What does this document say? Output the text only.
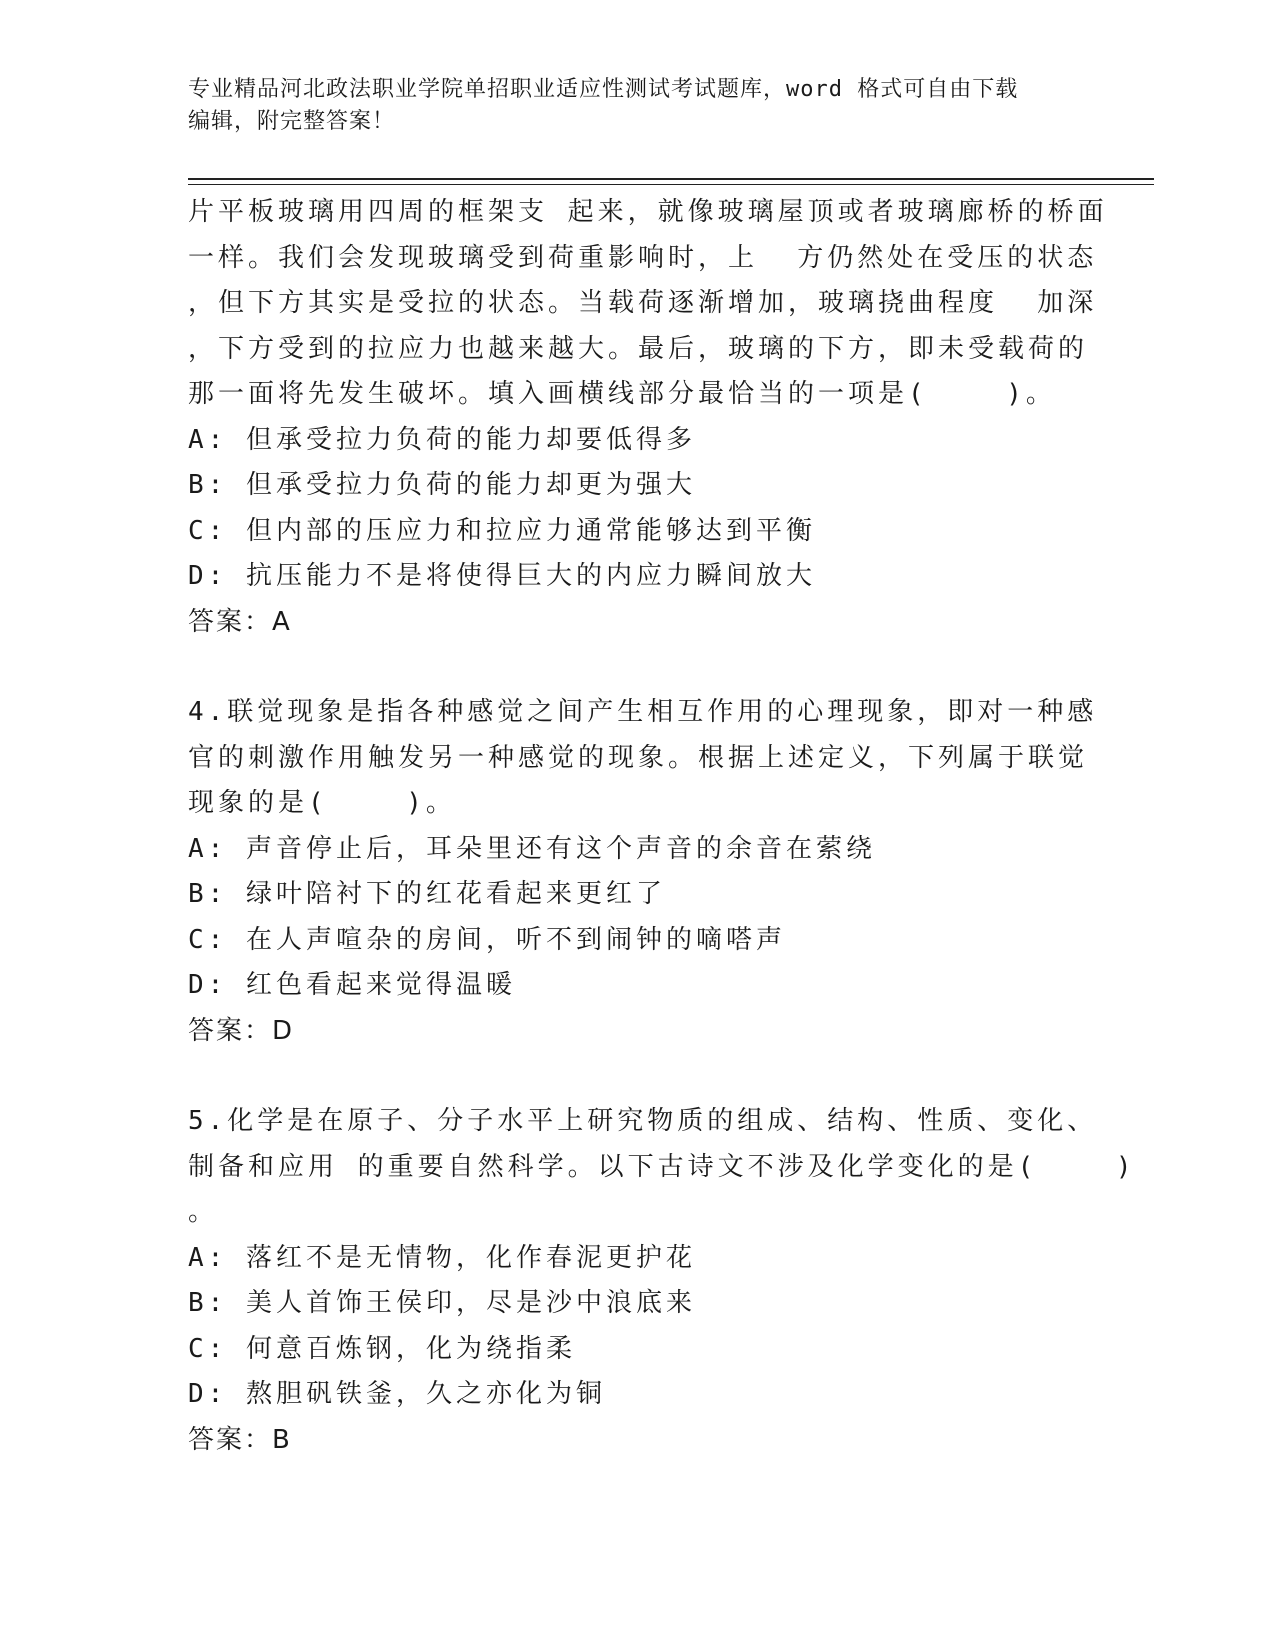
专业精品河北政法职业学院单招职业适应性测试考试题库，word 格式可自由下载
编辑，附完整答案！
片平板玻璃用四周的框架支 起来，就像玻璃屋顶或者玻璃廊桥的桥面
一样。我们会发现玻璃受到荷重影响时，上  方仍然处在受压的状态
，但下方其实是受拉的状态。当载荷逐渐增加，玻璃挠曲程度  加深
，下方受到的拉应力也越来越大。最后，玻璃的下方，即未受载荷的
那一面将先发生破坏。填入画横线部分最恰当的一项是(    )。
A: 但承受拉力负荷的能力却要低得多
B: 但承受拉力负荷的能力却更为强大
C: 但内部的压应力和拉应力通常能够达到平衡
D: 抗压能力不是将使得巨大的内应力瞬间放大
答案：A
4.联觉现象是指各种感觉之间产生相互作用的心理现象，即对一种感
官的刺激作用触发另一种感觉的现象。根据上述定义，下列属于联觉
现象的是(    )。
A: 声音停止后，耳朵里还有这个声音的余音在萦绕
B: 绿叶陪衬下的红花看起来更红了
C: 在人声喧杂的房间，听不到闹钟的嘀嗒声
D: 红色看起来觉得温暖
答案：D
5.化学是在原子、分子水平上研究物质的组成、结构、性质、变化、
制备和应用 的重要自然科学。以下古诗文不涉及化学变化的是(    )
。
A: 落红不是无情物，化作春泥更护花
B: 美人首饰王侯印，尽是沙中浪底来
C: 何意百炼钢，化为绕指柔
D: 熬胆矾铁釜，久之亦化为铜
答案：B
